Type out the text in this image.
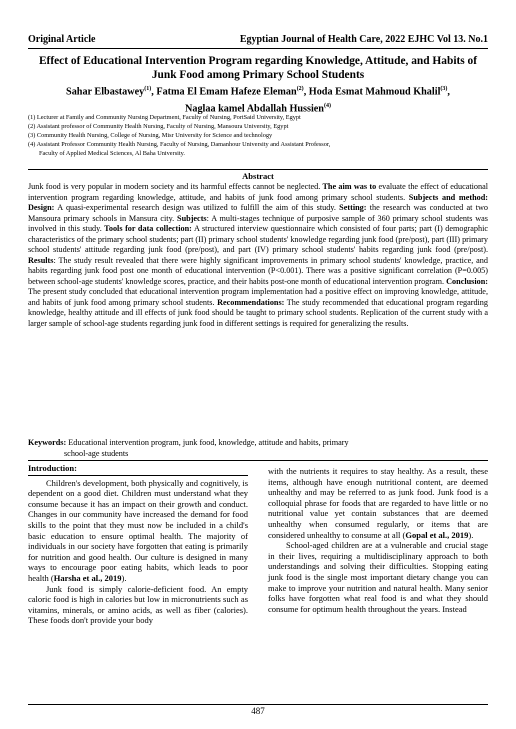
Original Article	Egyptian Journal of Health Care, 2022 EJHC Vol 13. No.1
Effect of Educational Intervention Program regarding Knowledge, Attitude, and Habits of Junk Food among Primary School Students
Sahar Elbastawey$^{(1)}$, Fatma El Emam Hafeze Eleman$^{(2)}$, Hoda Esmat Mahmoud Khalil$^{(3)}$,
Naglaa kamel Abdallah Hussien$^{(4)}$
(1) Lecturer at Family and Community Nursing Department, Faculty of Nursing, PortSaid University, Egypt
(2) Assistant professor of Community Health Nursing, Faculty of Nursing, Mansoura University, Egypt
(3) Community Health Nursing, College of Nursing, Misr University for Science and technology
(4) Assistant Professor Community Health Nursing, Faculty of Nursing, Damanhour University and Assistant Professor,
Faculty of Applied Medical Sciences, Al Baha University.
Abstract
Junk food is very popular in modern society and its harmful effects cannot be neglected. The aim was to evaluate the effect of educational intervention program regarding knowledge, attitude, and habits of junk food among primary school students. Subjects and method: Design: A quasi-experimental research design was utilized to fulfill the aim of this study. Setting: the research was conducted at two Mansoura primary schools in Mansura city. Subjects: A multi-stages technique of purposive sample of 360 primary school students was involved in this study. Tools for data collection: A structured interview questionnaire which consisted of four parts; part (I) demographic characteristics of the primary school students; part (II) primary school students' knowledge regarding junk food (pre/post), part (III) primary school students' attitude regarding junk food (pre/post), and part (IV) primary school students' habits regarding junk food (pre/post). Results: The study result revealed that there were highly significant improvements in primary school students' knowledge, practice, and habits regarding junk food post one month of educational intervention (P<0.001). There was a positive significant correlation (P=0.005) between school-age students' knowledge scores, practice, and their habits post-one month of educational intervention program. Conclusion: The present study concluded that educational intervention program implementation had a positive effect on improving knowledge, attitude, and habits of junk food among primary school students. Recommendations: The study recommended that educational program regarding knowledge, healthy attitude and ill effects of junk food should be taught to primary school students. Replication of the current study with a larger sample of school-age students regarding junk food in different settings is required for generalizing the results.
Keywords: Educational intervention program, junk food, knowledge, attitude and habits, primary
school-age students
Introduction:

Children's development, both physically and cognitively, is dependent on a good diet. Children must understand what they consume because it has an impact on their growth and conduct. Changes in our community have increased the demand for food skills to the point that they must now be included in a child's basic education to ensure optimal health. The majority of individuals in our society have forgotten that eating is primarily for nutrition and good health. Our culture is designed in many ways to encourage poor eating habits, which leads to poor health (Harsha et al., 2019).

Junk food is simply calorie-deficient food. An empty caloric food is high in calories but low in micronutrients such as vitamins, minerals, or amino acids, as well as fiber (calories). These foods don't provide your body

with the nutrients it requires to stay healthy. As a result, these items, although have enough nutritional content, are deemed unhealthy and may be referred to as junk food. Junk food is a colloquial phrase for foods that are regarded to have little or no nutritional value yet contain substances that are deemed unhealthy when consumed regularly, or items that are considered unhealthy to consume at all (Gopal et al., 2019).

School-aged children are at a vulnerable and crucial stage in their lives, requiring a multidisciplinary approach to both understandings and solving their difficulties. Stopping eating junk food is the single most important dietary change you can make to improve your nutrition and natural health. Many senior folks have forgotten what real food is and what they should consume for optimum health throughout the years. Instead

487
